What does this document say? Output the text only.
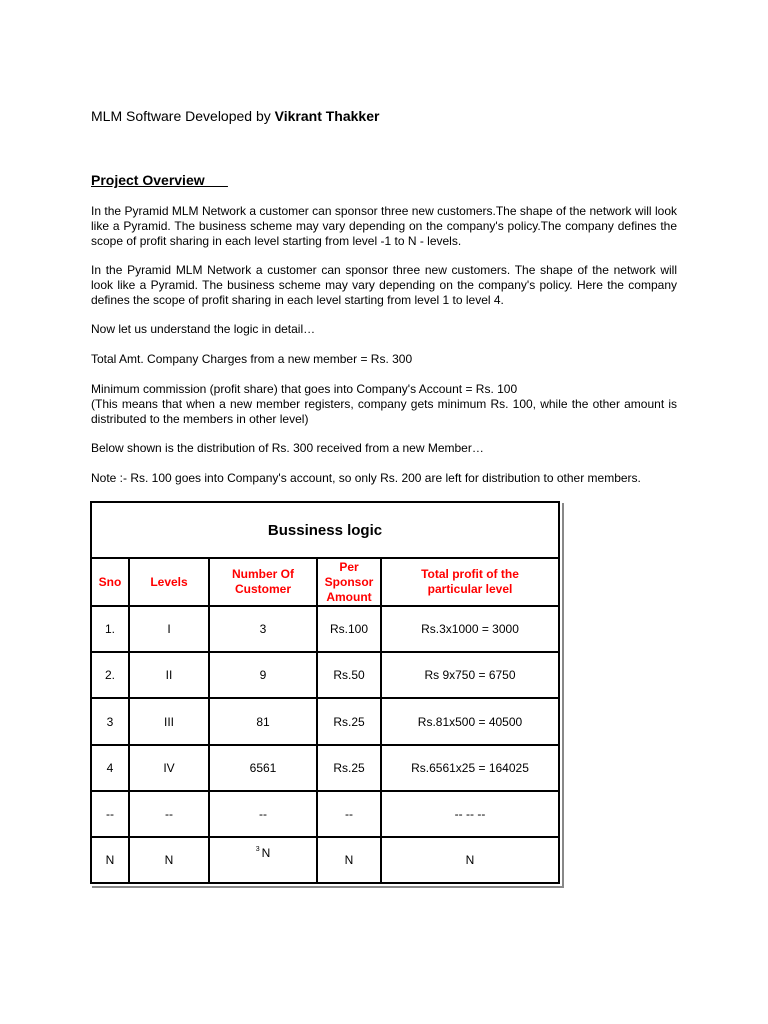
MLM Software Developed by Vikrant Thakker
Project Overview
In the Pyramid MLM Network a customer can sponsor three new customers.The shape of the network will look like a Pyramid. The business scheme may vary depending on the company's policy.The company defines the scope of profit sharing in each level starting from level -1 to N - levels.
In the Pyramid MLM Network a customer can sponsor three new customers. The shape of the network will look like a Pyramid. The business scheme may vary depending on the company's policy. Here the company defines the scope of profit sharing in each level starting from level 1 to level 4.
Now let us understand the logic in detail…
Total Amt. Company Charges from a new member = Rs. 300
Minimum commission (profit share) that goes into Company's Account = Rs. 100
(This means that when a new member registers, company gets minimum Rs. 100, while the other amount is distributed to the members in other level)
Below shown is the distribution of Rs. 300 received from a new Member…
Note :- Rs. 100 goes into Company's account, so only Rs. 200 are left for distribution to other members.
Bussiness logic				
Sno	Levels	Number Of Customer	Per Sponsor Amount	Total profit of the particular level
1.	I	3	Rs.100	Rs.3x1000 = 3000
2.	II	9	Rs.50	Rs 9x750 = 6750
3	III	81	Rs.25	Rs.81x500 = 40500
4	IV	6561	Rs.25	Rs.6561x25 = 164025
--	--	--	--	-- -- --
N	N	$^3$ N	N	N
